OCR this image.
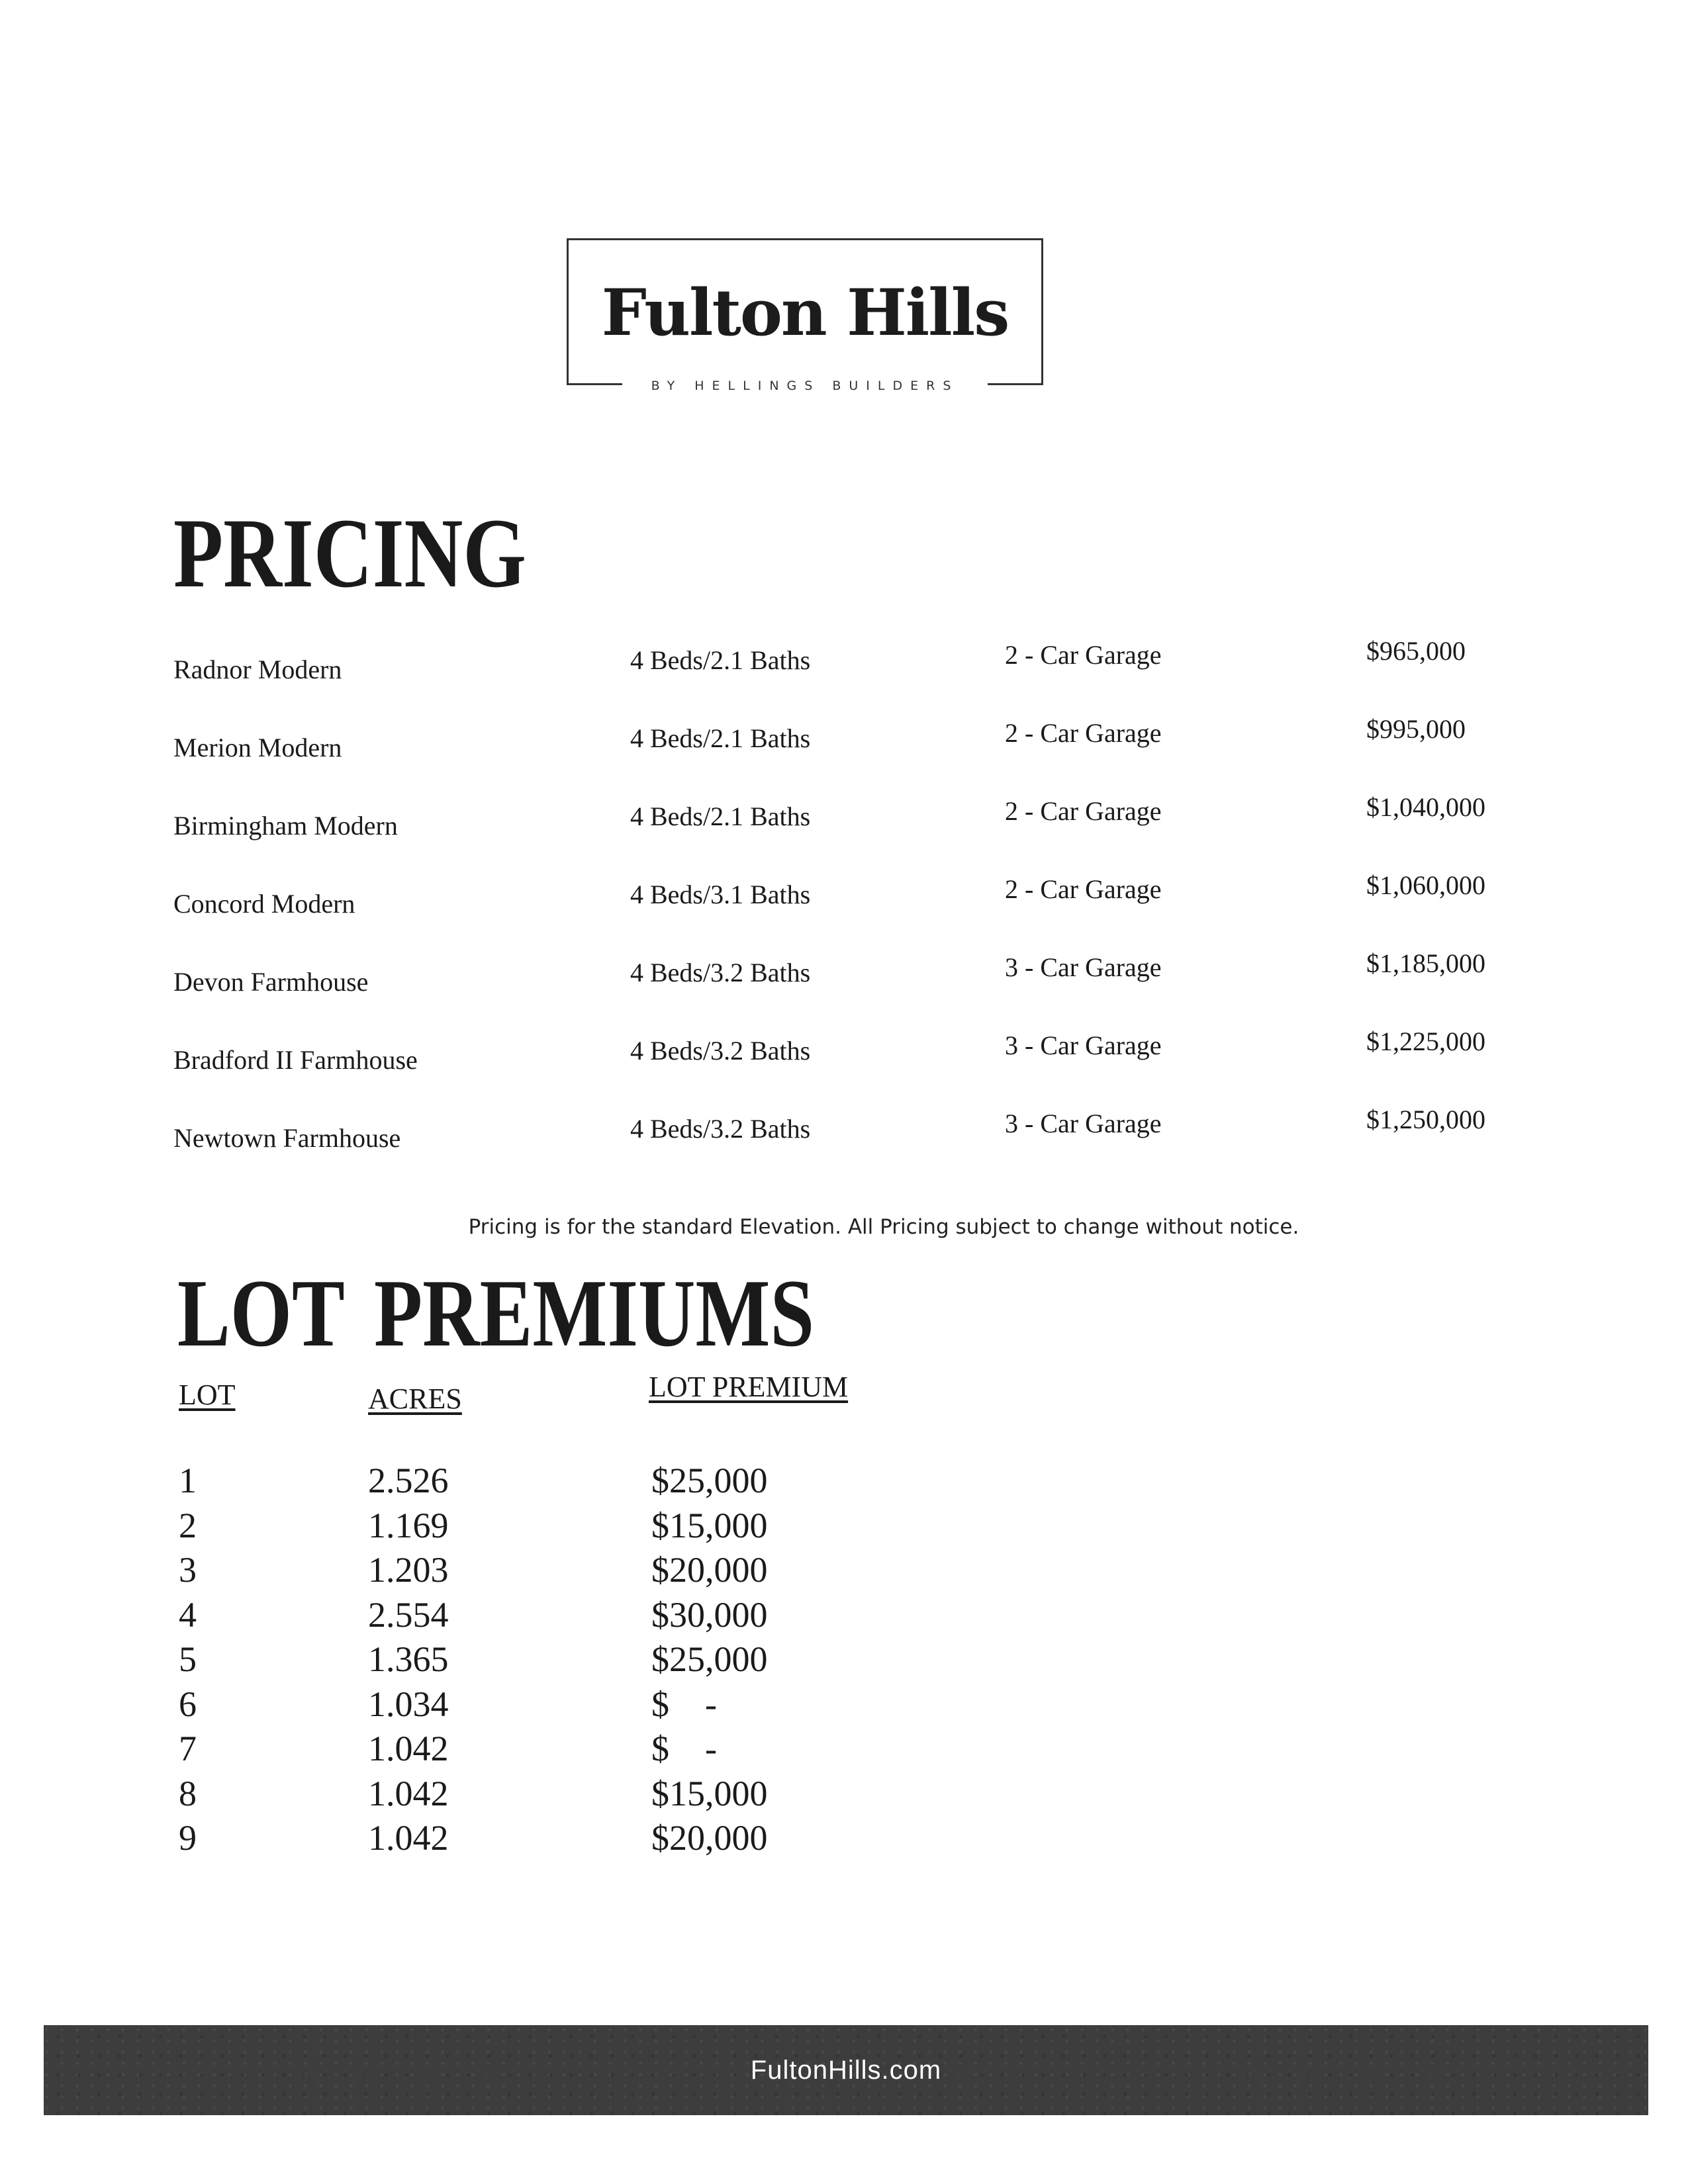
Fulton Hills
BY HELLINGS BUILDERS
PRICING
Radnor Modern	4 Beds/2.1 Baths	2 - Car Garage	$965,000
Merion Modern	4 Beds/2.1 Baths	2 - Car Garage	$995,000
Birmingham Modern	4 Beds/2.1 Baths	2 - Car Garage	$1,040,000
Concord Modern	4 Beds/3.1 Baths	2 - Car Garage	$1,060,000
Devon Farmhouse	4 Beds/3.2 Baths	3 - Car Garage	$1,185,000
Bradford II Farmhouse	4 Beds/3.2 Baths	3 - Car Garage	$1,225,000
Newtown Farmhouse	4 Beds/3.2 Baths	3 - Car Garage	$1,250,000
Pricing is for the standard Elevation. All Pricing subject to change without notice.
LOT PREMIUMS
LOT	ACRES	LOT PREMIUM
1	2.526	$25,000
2	1.169	$15,000
3	1.203	$20,000
4	2.554	$30,000
5	1.365	$25,000
6	1.034	$    -
7	1.042	$    -
8	1.042	$15,000
9	1.042	$20,000
FultonHills.com
